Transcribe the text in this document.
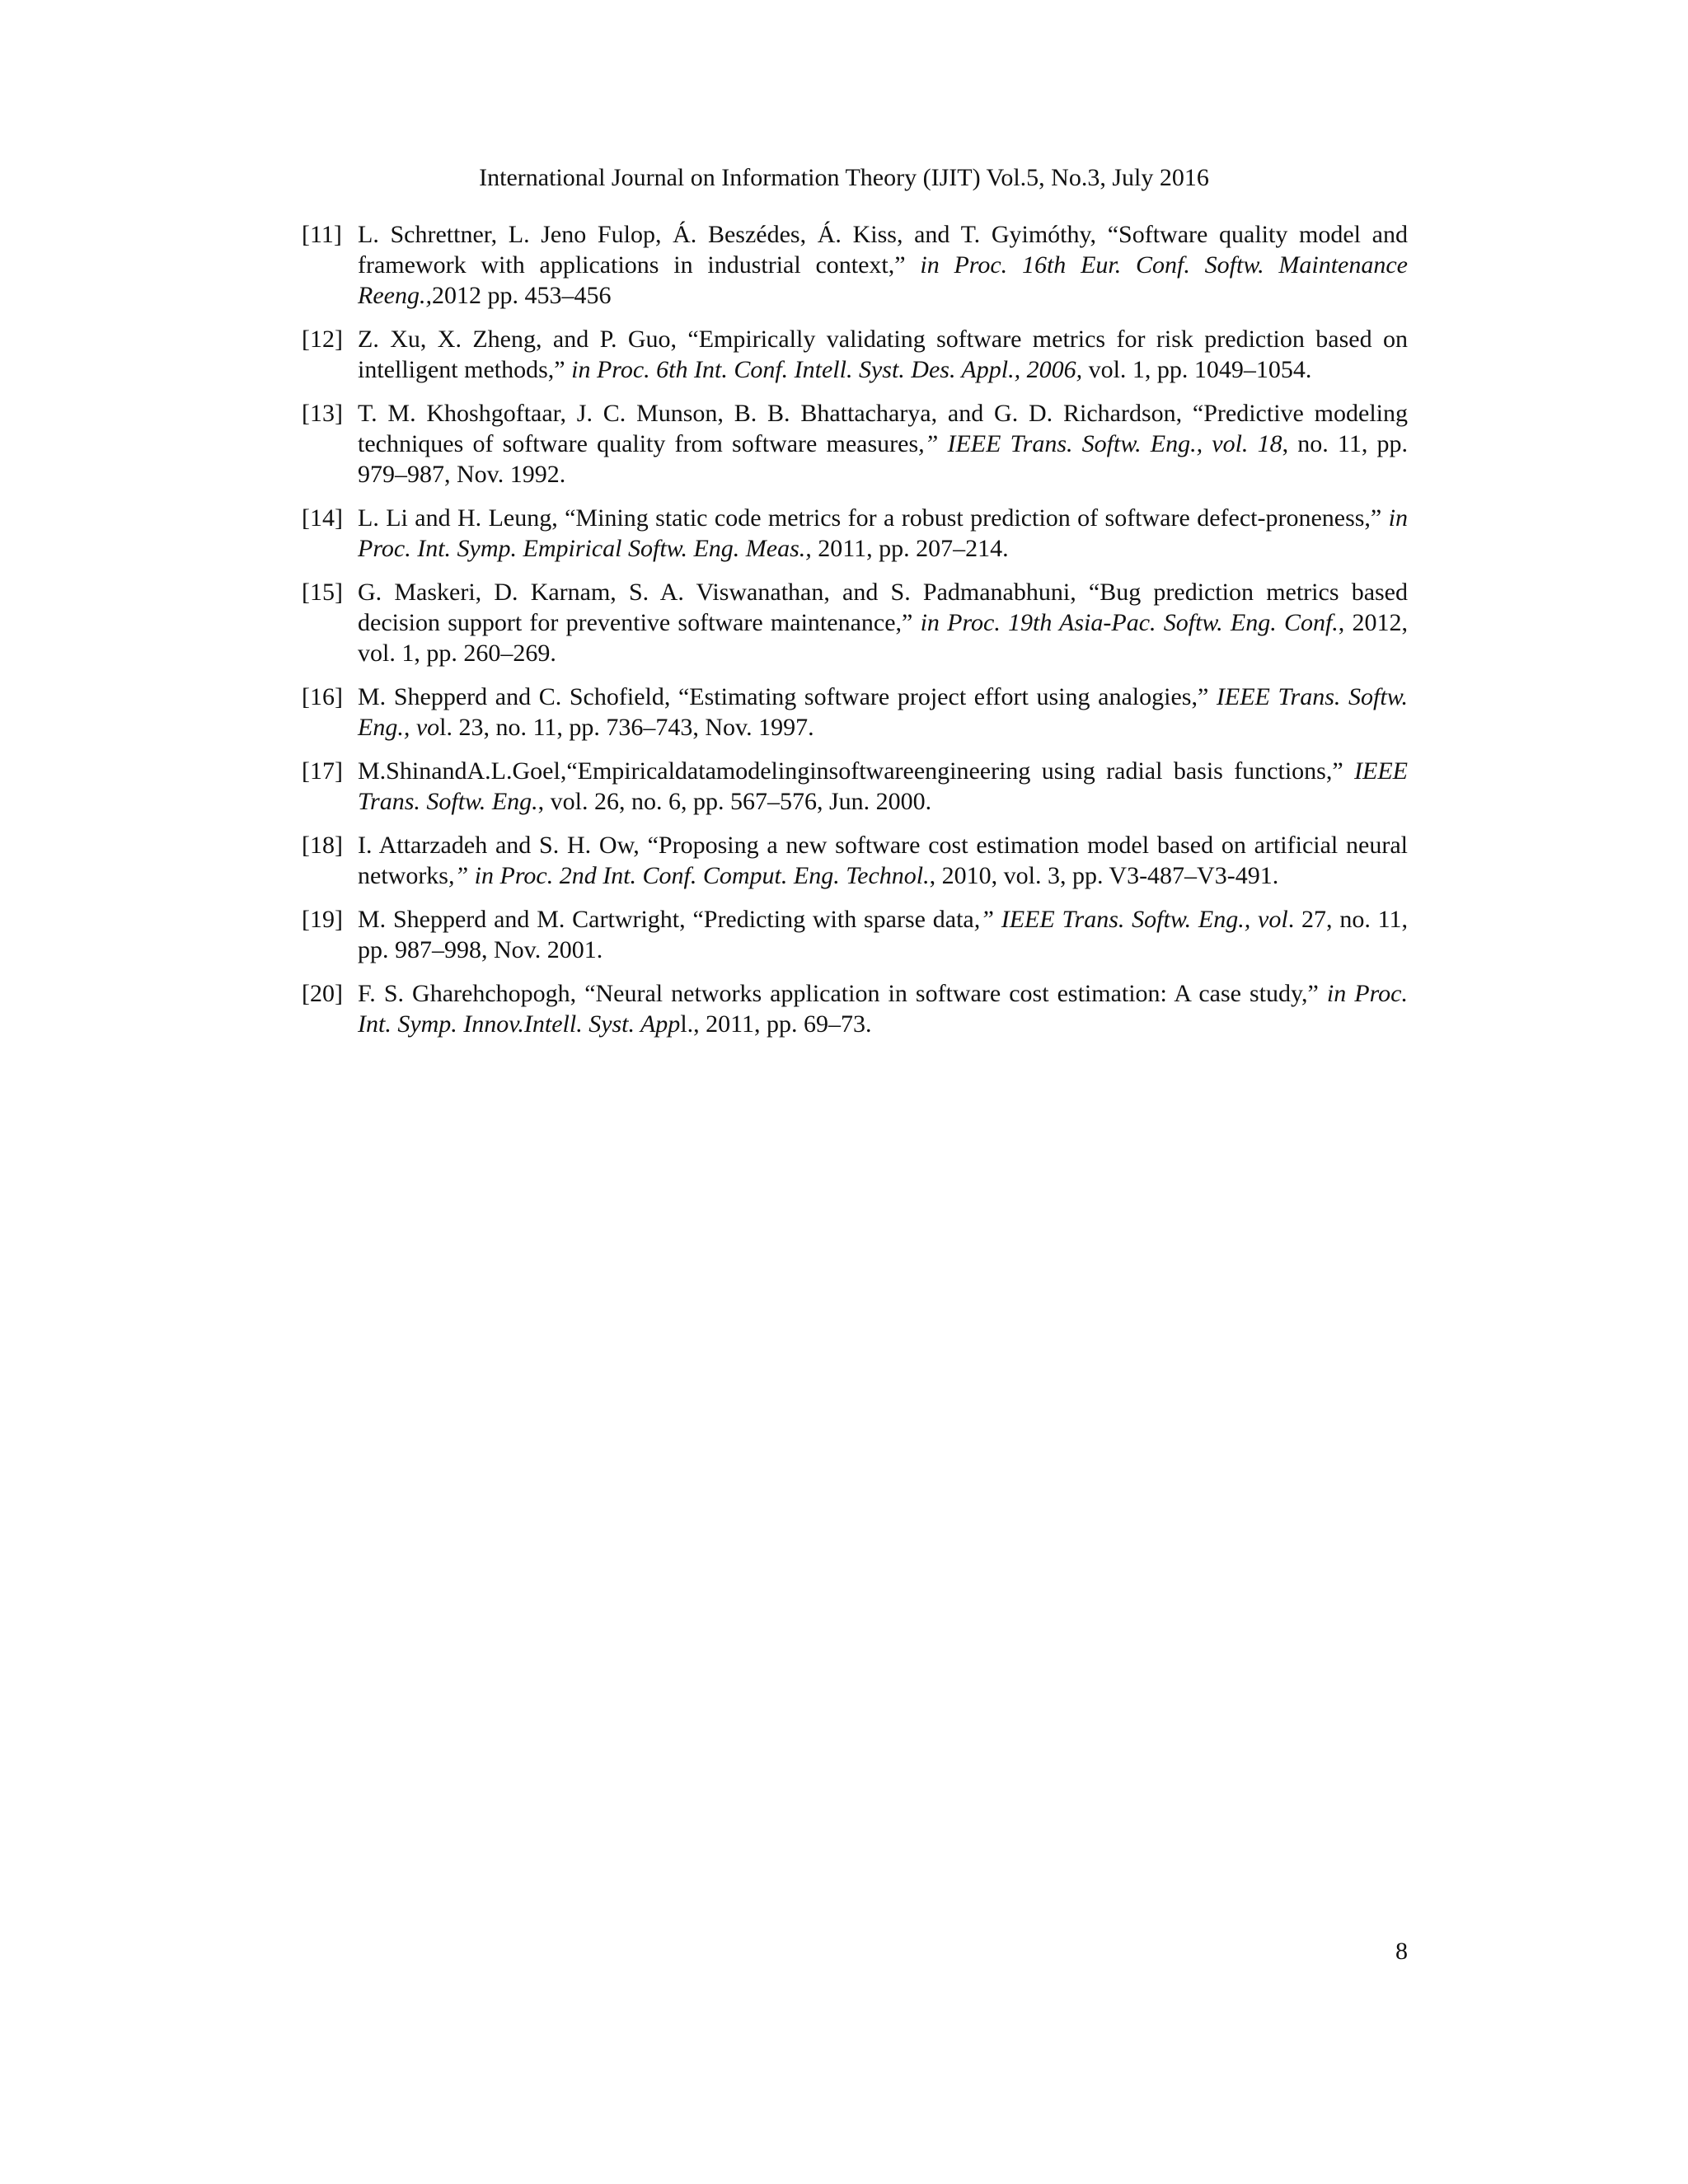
International Journal on Information Theory (IJIT) Vol.5, No.3, July 2016
[11] L. Schrettner, L. Jeno Fulop, Á. Beszédes, Á. Kiss, and T. Gyimóthy, “Software quality model and framework with applications in industrial context,” in Proc. 16th Eur. Conf. Softw. Maintenance Reeng.,2012 pp. 453–456
[12] Z. Xu, X. Zheng, and P. Guo, “Empirically validating software metrics for risk prediction based on intelligent methods,” in Proc. 6th Int. Conf. Intell. Syst. Des. Appl., 2006, vol. 1, pp. 1049–1054.
[13] T. M. Khoshgoftaar, J. C. Munson, B. B. Bhattacharya, and G. D. Richardson, “Predictive modeling techniques of software quality from software measures,” IEEE Trans. Softw. Eng., vol. 18, no. 11, pp. 979–987, Nov. 1992.
[14] L. Li and H. Leung, “Mining static code metrics for a robust prediction of software defect-proneness,” in Proc. Int. Symp. Empirical Softw. Eng. Meas., 2011, pp. 207–214.
[15] G. Maskeri, D. Karnam, S. A. Viswanathan, and S. Padmanabhuni, “Bug prediction metrics based decision support for preventive software maintenance,” in Proc. 19th Asia-Pac. Softw. Eng. Conf., 2012, vol. 1, pp. 260–269.
[16] M. Shepperd and C. Schofield, “Estimating software project effort using analogies,” IEEE Trans. Softw. Eng., vol. 23, no. 11, pp. 736–743, Nov. 1997.
[17] M.ShinandA.L.Goel,“Empiricaldatamodelinginsoftwareengineering using radial basis functions,” IEEE Trans. Softw. Eng., vol. 26, no. 6, pp. 567–576, Jun. 2000.
[18] I. Attarzadeh and S. H. Ow, “Proposing a new software cost estimation model based on artificial neural networks,” in Proc. 2nd Int. Conf. Comput. Eng. Technol., 2010, vol. 3, pp. V3-487–V3-491.
[19] M. Shepperd and M. Cartwright, “Predicting with sparse data,” IEEE Trans. Softw. Eng., vol. 27, no. 11, pp. 987–998, Nov. 2001.
[20] F. S. Gharehchopogh, “Neural networks application in software cost estimation: A case study,” in Proc. Int. Symp. Innov.Intell. Syst. Appl., 2011, pp. 69–73.
8
